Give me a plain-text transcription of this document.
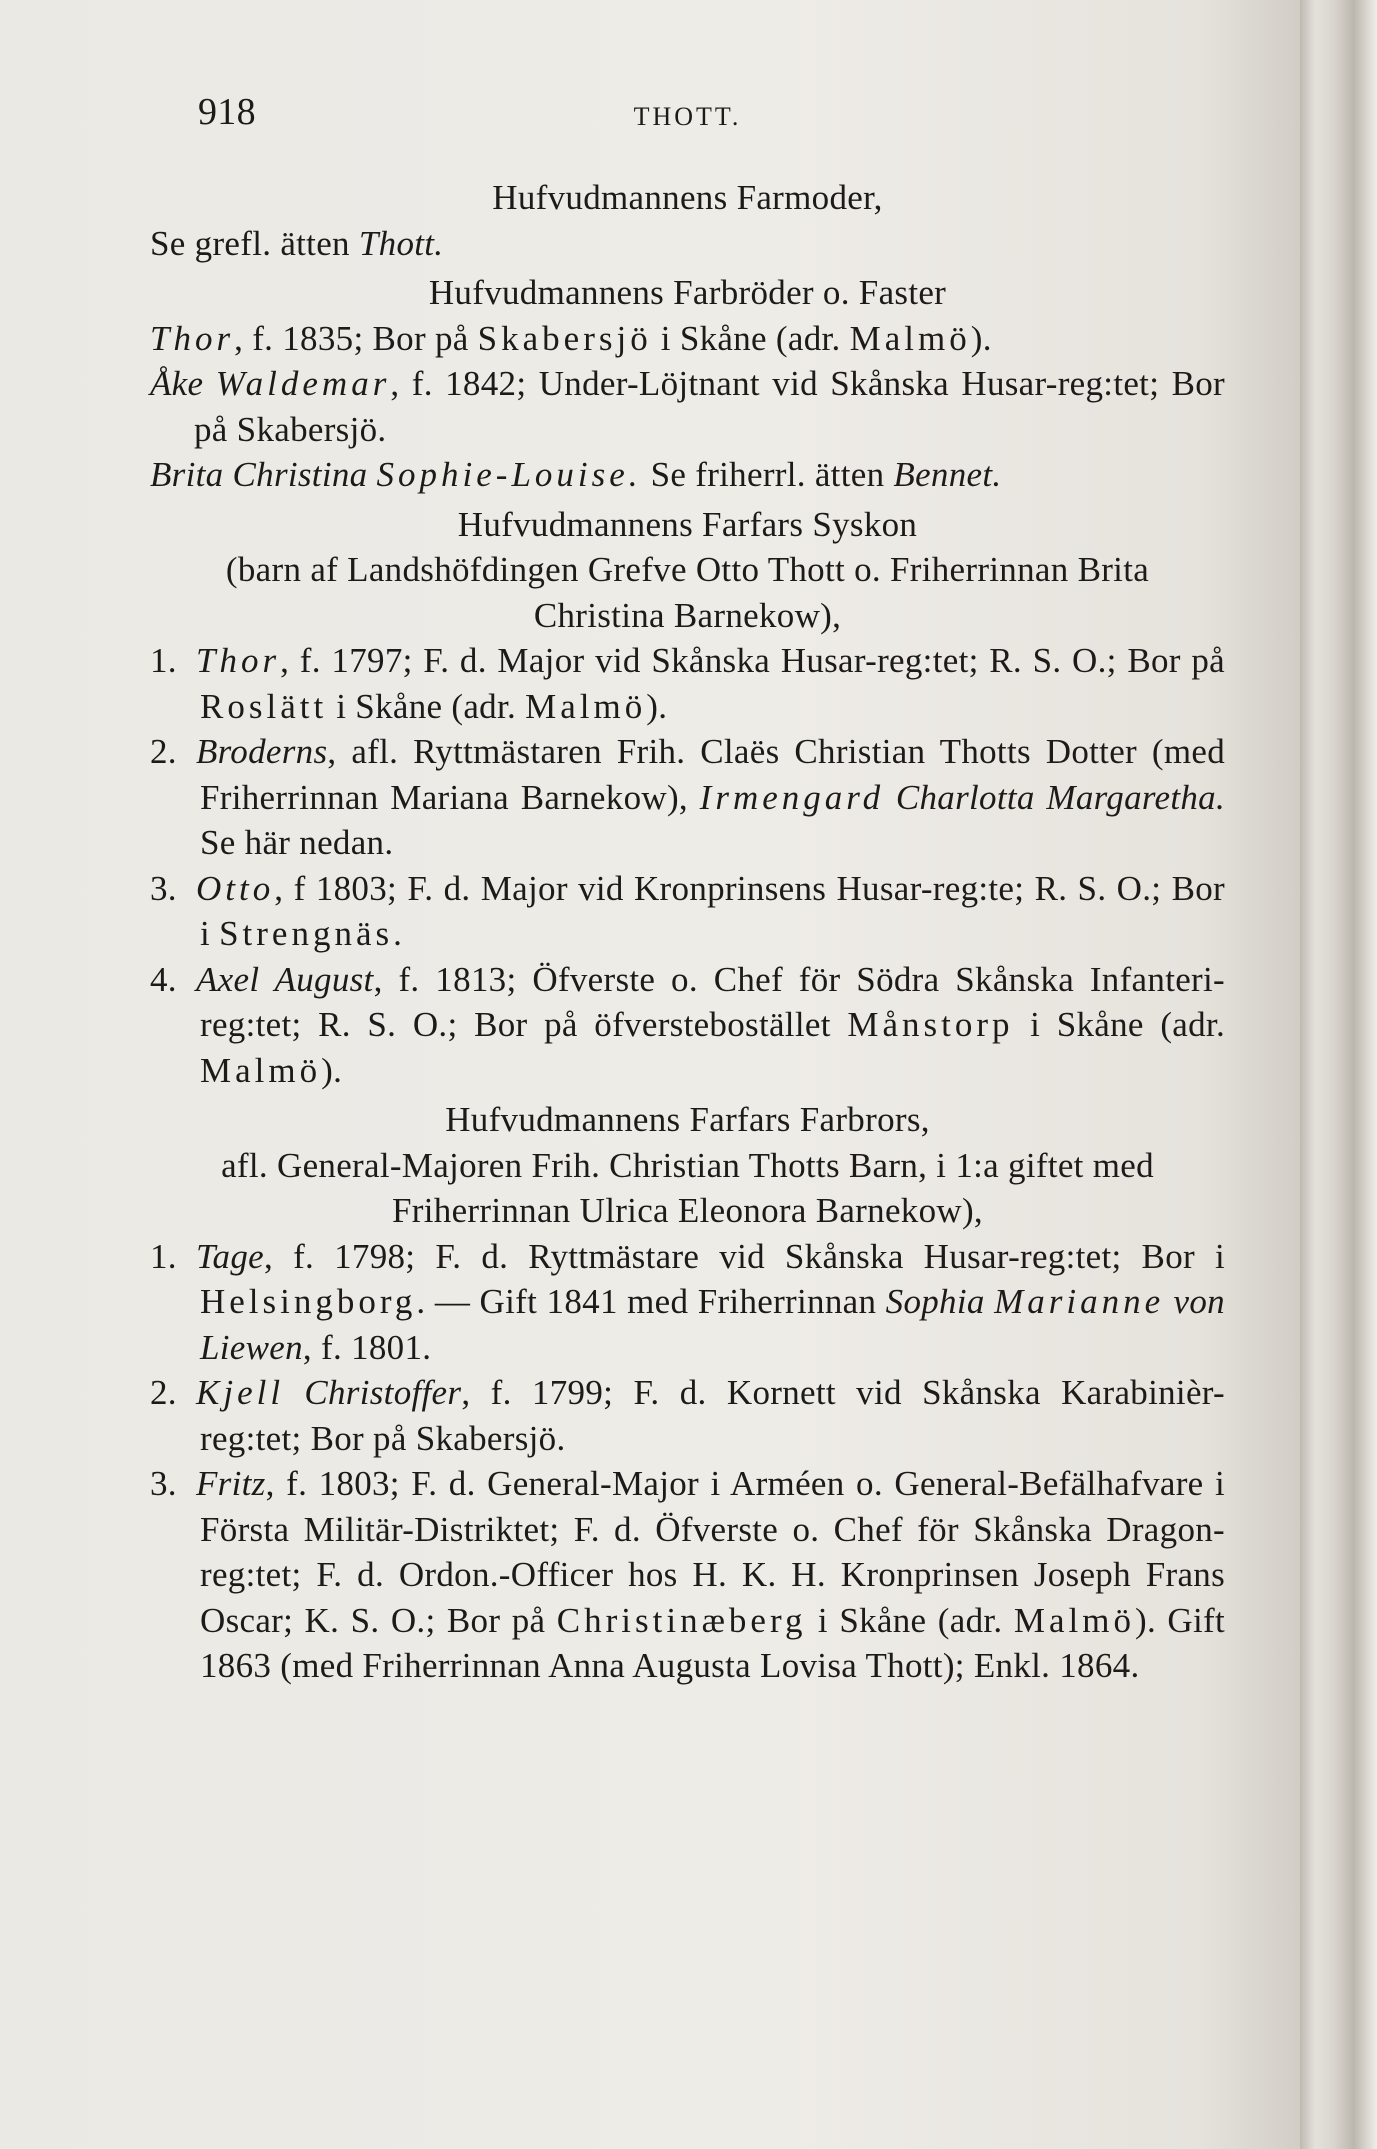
918	THOTT.
Hufvudmannens Farmoder,
Se grefl. ätten Thott.
Hufvudmannens Farbröder o. Faster
Thor, f. 1835; Bor på Skabersjö i Skåne (adr. Malmö).
Åke Waldemar, f. 1842; Under-Löjtnant vid Skånska Husar-reg:tet; Bor på Skabersjö.
Brita Christina Sophie-Louise. Se friherrl. ätten Bennet.
Hufvudmannens Farfars Syskon
(barn af Landshöfdingen Grefve Otto Thott o. Friherrinnan Brita Christina Barnekow),
1. Thor, f. 1797; F. d. Major vid Skånska Husar-reg:tet; R. S. O.; Bor på Roslätt i Skåne (adr. Malmö).
2. Broderns, afl. Ryttmästaren Frih. Claës Christian Thotts Dotter (med Friherrinnan Mariana Barnekow), Irmengard Charlotta Margaretha. Se här nedan.
3. Otto, f 1803; F. d. Major vid Kronprinsens Husar-reg:te; R. S. O.; Bor i Strengnäs.
4. Axel August, f. 1813; Öfverste o. Chef för Södra Skånska Infanteri-reg:tet; R. S. O.; Bor på öfverstebostället Månstorp i Skåne (adr. Malmö).
Hufvudmannens Farfars Farbrors,
afl. General-Majoren Frih. Christian Thotts Barn, i 1:a giftet med Friherrinnan Ulrica Eleonora Barnekow),
1. Tage, f. 1798; F. d. Ryttmästare vid Skånska Husar-reg:tet; Bor i Helsingborg. — Gift 1841 med Friherrinnan Sophia Marianne von Liewen, f. 1801.
2. Kjell Christoffer, f. 1799; F. d. Kornett vid Skånska Karabinièr-reg:tet; Bor på Skabersjö.
3. Fritz, f. 1803; F. d. General-Major i Arméen o. General-Befälhafvare i Första Militär-Distriktet; F. d. Öfverste o. Chef för Skånska Dragon-reg:tet; F. d. Ordon.-Officer hos H. K. H. Kronprinsen Joseph Frans Oscar; K. S. O.; Bor på Christinæberg i Skåne (adr. Malmö). Gift 1863 (med Friherrinnan Anna Augusta Lovisa Thott); Enkl. 1864.
